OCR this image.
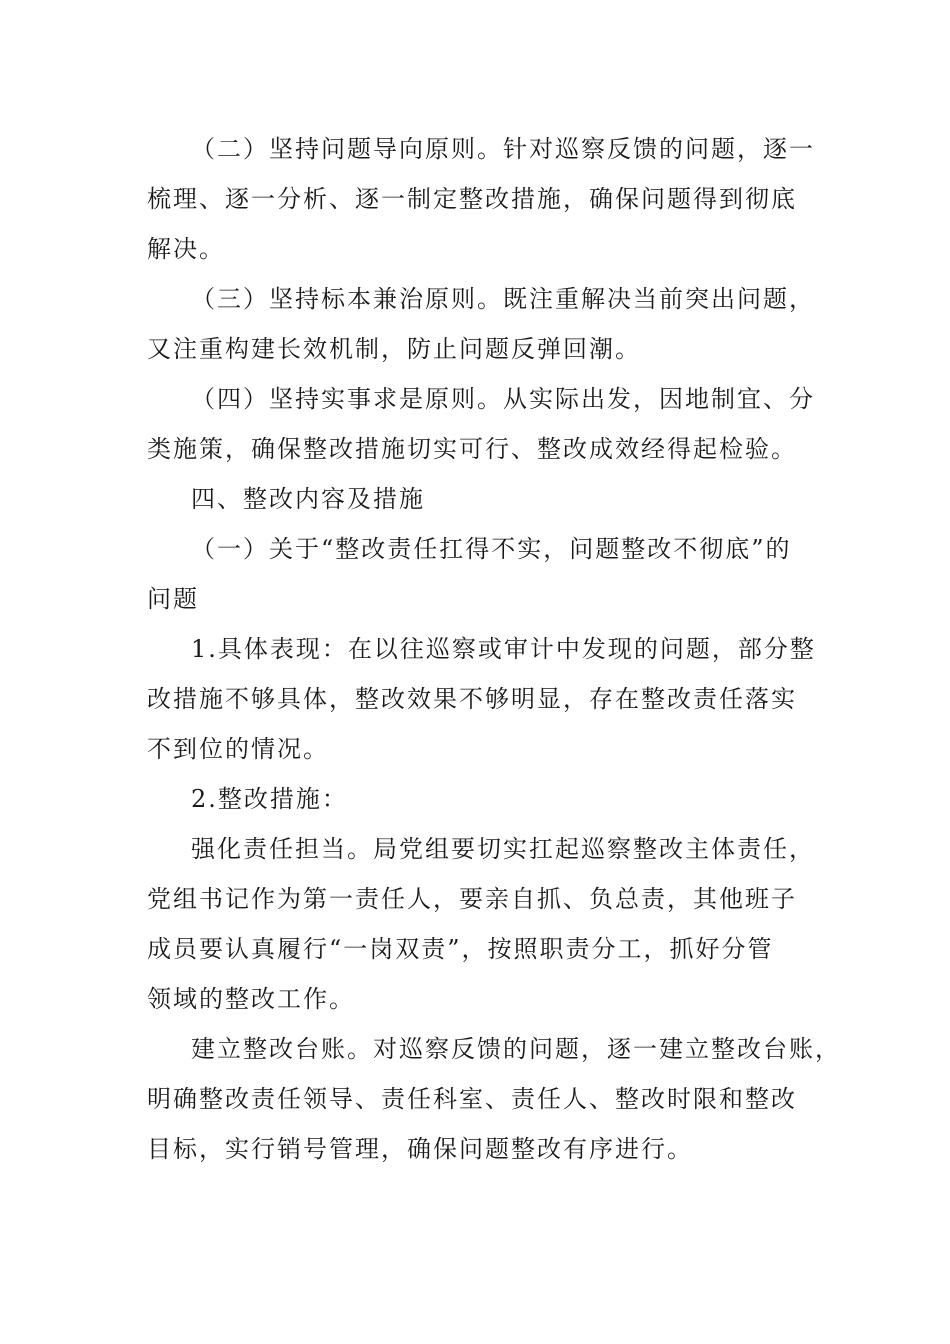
（二）坚持问题导向原则。针对巡察反馈的问题，逐一
梳理、逐一分析、逐一制定整改措施，确保问题得到彻底
解决。
（三）坚持标本兼治原则。既注重解决当前突出问题，
又注重构建长效机制，防止问题反弹回潮。
（四）坚持实事求是原则。从实际出发，因地制宜、分
类施策，确保整改措施切实可行、整改成效经得起检验。
四、整改内容及措施
（一）关于“整改责任扛得不实，问题整改不彻底”的
问题
1.具体表现：在以往巡察或审计中发现的问题，部分整
改措施不够具体，整改效果不够明显，存在整改责任落实
不到位的情况。
2.整改措施：
强化责任担当。局党组要切实扛起巡察整改主体责任，
党组书记作为第一责任人，要亲自抓、负总责，其他班子
成员要认真履行“一岗双责”，按照职责分工，抓好分管
领域的整改工作。
建立整改台账。对巡察反馈的问题，逐一建立整改台账，
明确整改责任领导、责任科室、责任人、整改时限和整改
目标，实行销号管理，确保问题整改有序进行。
